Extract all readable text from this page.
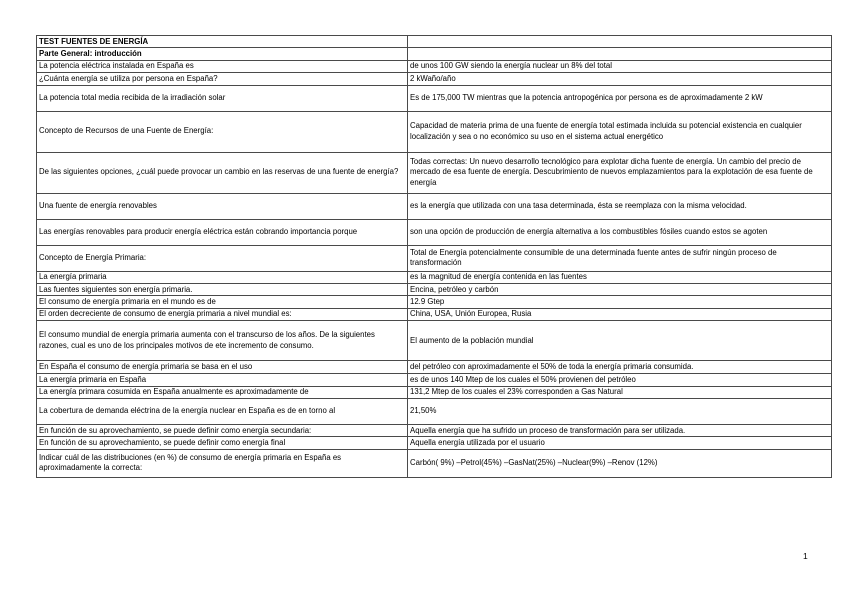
TEST FUENTES DE ENERGÍA	
Parte General: introducción	
La potencia eléctrica instalada en España es	de unos 100 GW siendo la energía nuclear un 8% del total
¿Cuánta energía se utiliza por persona en España?	2 kWaño/año
La potencia total media recibida de la irradiación solar	Es de 175,000 TW mientras que la potencia antropogénica por persona es de aproximadamente 2 kW
Concepto de Recursos de una Fuente de Energía:	Capacidad de materia prima de una fuente de energía total estimada incluida su potencial existencia en cualquier localización y sea o no económico su uso en el sistema actual energético
De las siguientes opciones, ¿cuál puede provocar un cambio en las reservas de una fuente de energía?	Todas correctas: Un nuevo desarrollo tecnológico para explotar dicha fuente de energía. Un cambio del precio de mercado de esa fuente de energía. Descubrimiento de nuevos emplazamientos para la explotación de esa fuente de energía
Una fuente de energía renovables	es la energía que utilizada con una tasa determinada, ésta se reemplaza con la misma velocidad.
Las energías renovables para producir energía eléctrica están cobrando importancia porque	son una opción de producción de energía alternativa a los combustibles fósiles cuando estos se agoten
Concepto de Energía Primaria:	Total de Energía potencialmente consumible de una determinada fuente antes de sufrir ningún proceso de transformación
La energía primaria	es la magnitud de energía contenida en las fuentes
Las fuentes siguientes son energía primaria.	Encina, petróleo y carbón
El consumo de energía primaria en el mundo es de	12.9 Gtep
El orden decreciente de consumo de energía primaria a nivel mundial es:	China, USA, Unión Europea, Rusia
El consumo mundial de energía primaria aumenta con el transcurso de los años. De la siguientes razones, cual es uno de los principales motivos de ete incremento de consumo.	El aumento de la población mundial
En España el consumo de energía primaria se basa en el uso	del petróleo con aproximadamente el 50% de toda la energía primaria consumida.
La energía primaria en España	es de unos 140 Mtep de los cuales el 50% provienen del petróleo
La energía primara cosumida en España anualmente es aproximadamente de	131,2 Mtep de los cuales el 23% corresponden a Gas Natural
La cobertura de demanda eléctrina de la energía nuclear en España es de en torno al	21,50%
En función de su aprovechamiento, se puede definir como energía secundaria:	Aquella energía que ha sufrido un proceso de transformación para ser utilizada.
En función de su aprovechamiento, se puede definir como energía final	Aquella energía utilizada por el usuario
Indicar cuál de las distribuciones (en %) de consumo de energía primaria en España es aproximadamente la correcta:	Carbón( 9%) –Petrol(45%) –GasNat(25%) –Nuclear(9%) –Renov (12%)
1
